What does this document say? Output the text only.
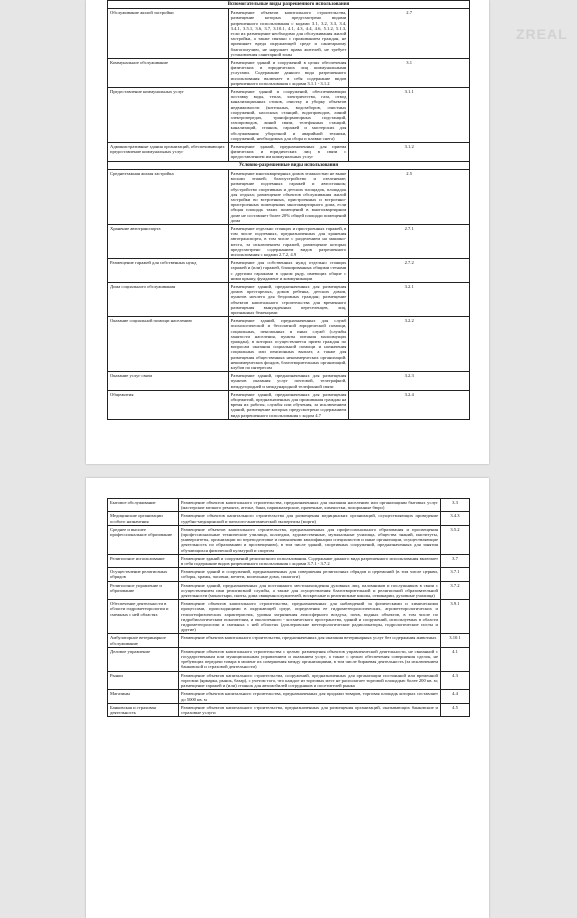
Вспомогательные виды разрешенного использования		
Обслуживание жилой застройки	Размещение объектов капитального строительства, размещение которых предусмотрено видами разрешенного использования с кодами 3.1, 3.2, 3.3, 3.4, 3.4.1, 3.5.1, 3.6, 3.7, 3.10.1, 4.1, 4.3, 4.4, 4.6, 5.1.2, 5.1.3, если их размещение необходимо для обслуживания жилой застройки, а также связано с проживанием граждан, не причиняет вреда окружающей среде и санитарному благополучию, не нарушает права жителей, не требует установления санитарной зоны	2.7
Коммунальное обслуживание	Размещение зданий и сооружений в целях обеспечения физических и юридических лиц коммунальными услугами. Содержание данного вида разрешенного использования включает в себя содержание видов разрешенного использования с кодами 3.1.1 - 3.1.2	3.1
Предоставление коммунальных услуг	Размещение зданий и сооружений, обеспечивающих поставку воды, тепла, электричества, газа, отвод канализационных стоков, очистку и уборку объектов недвижимости (котельных, водозаборов, очистных сооружений, насосных станций, водопроводов, линий электропередач, трансформаторных подстанций, газопроводов, линий связи, телефонных станций, канализаций, стоянок, гаражей и мастерских для обслуживания уборочной и аварийной техники, сооружений, необходимых для сбора и плавки снега)	3.1.1
Административные здания организаций, обеспечивающих предоставление коммунальных услуг	Размещение зданий, предназначенных для приема физических и юридических лиц в связи с предоставлением им коммунальных услуг	3.1.2
Условно-разрешенные виды использования		
Среднеэтажная жилая застройка	Размещение многоквартирных домов этажностью не выше восьми этажей; благоустройство и озеленение; размещение подземных гаражей и автостоянок; обустройство спортивных и детских площадок, площадок для отдыха; размещение объектов обслуживания жилой застройки во встроенных, пристроенных и встроенно-пристроенных помещениях многоквартирного дома, если общая площадь таких помещений в многоквартирном доме не составляет более 20% общей площади помещений дома	2.5
Хранение автотранспорта	Размещение отдельно стоящих и пристроенных гаражей, в том числе подземных, предназначенных для хранения автотранспорта, в том числе с разделением на машино-места, за исключением гаражей, размещение которых предусмотрено содержанием видов разрешенного использования с кодами 2.7.2, 4.9	2.7.1
Размещение гаражей для собственных нужд	Размещение для собственных нужд отдельно стоящих гаражей и (или) гаражей, блокированных общими стенами с другими гаражами в одном ряду, имеющих общие с ними крышу, фундамент и коммуникации	2.7.2
Дома социального обслуживания	Размещение зданий, предназначенных для размещения домов престарелых, домов ребенка, детских домов, пунктов ночлега для бездомных граждан; размещение объектов капитального строительства для временного размещения вынужденных переселенцев, лиц, признанных беженцами	3.2.1
Оказание социальной помощи населению	Размещение зданий, предназначенных для служб психологической и бесплатной юридической помощи, социальных, пенсионных и иных служб (службы занятости населения, пункты питания малоимущих граждан), в которых осуществляется прием граждан по вопросам оказания социальной помощи и назначения социальных или пенсионных выплат, а также для размещения общественных некоммерческих организаций: некоммерческих фондов, благотворительных организаций, клубов по интересам	3.2.2
Оказание услуг связи	Размещение зданий, предназначенных для размещения пунктов оказания услуг почтовой, телеграфной, междугородней и международной телефонной связи	3.2.3
Общежития	Размещение зданий, предназначенных для размещения общежитий, предназначенных для проживания граждан на время их работы, службы или обучения, за исключением зданий, размещение которых предусмотрено содержанием вида разрешенного использования с кодом 4.7	3.2.4
ZREAL
Бытовое обслуживание	Размещение объектов капитального строительства, предназначенных для оказания населению или организациям бытовых услуг (мастерские мелкого ремонта, ателье, бани, парикмахерские, прачечные, химчистки, похоронные бюро)	3.3
Медицинские организации особого назначения	Размещение объектов капитального строительства для размещения медицинских организаций, осуществляющих проведение судебно-медицинской и патолого-анатомической экспертизы (морги)	3.4.3
Среднее и высшее профессиональное образование	Размещение объектов капитального строительства, предназначенных для профессионального образования и просвещения (профессиональные технические училища, колледжи, художественные, музыкальные училища, общества знаний, институты, университеты, организации по переподготовке и повышению квалификации специалистов и иные организации, осуществляющие деятельность по образованию и просвещению), в том числе зданий, спортивных сооружений, предназначенных для занятия обучающихся физической культурой и спортом	3.5.2
Религиозное использование	Размещение зданий и сооружений религиозного использования. Содержание данного вида разрешенного использования включает в себя содержание видов разрешенного использования с кодами 3.7.1 - 3.7.2	3.7
Осуществление религиозных обрядов	Размещение зданий и сооружений, предназначенных для совершения религиозных обрядов и церемоний (в том числе церкви, соборы, храмы, часовни, мечети, молельные дома, синагоги)	3.7.1
Религиозное управление и образование	Размещение зданий, предназначенных для постоянного местонахождения духовных лиц, паломников и послушников в связи с осуществлением ими религиозной службы, а также для осуществления благотворительной и религиозной образовательной деятельности (монастыри, скиты, дома священнослужителей, воскресные и религиозные школы, семинарии, духовные училища)	3.7.2
Обеспечение деятельности в области гидрометеорологии и смежных с ней областях	Размещение объектов капитального строительства, предназначенных для наблюдений за физическими и химическими процессами, происходящими в окружающей среде, определения ее гидрометеорологических, агрометеорологических и гелиогеофизических характеристик, уровня загрязнения атмосферного воздуха, почв, водных объектов, в том числе по гидробиологическим показателям, и околоземного - космического пространства, зданий и сооружений, используемых в области гидрометеорологии и смежных с ней областях (доплеровские метеорологические радиолокаторы, гидрологические посты и другие)	3.9.1
Амбулаторное ветеринарное обслуживание	Размещение объектов капитального строительства, предназначенных для оказания ветеринарных услуг без содержания животных	3.10.1
Деловое управление	Размещение объектов капитального строительства с целью: размещения объектов управленческой деятельности, не связанной с государственным или муниципальным управлением и оказанием услуг, а также с целью обеспечения совершения сделок, не требующих передачи товара в момент их совершения между организациями, в том числе биржевая деятельность (за исключением банковской и страховой деятельности)	4.1
Рынки	Размещение объектов капитального строительства, сооружений, предназначенных для организации постоянной или временной торговли (ярмарка, рынок, базар), с учетом того, что каждое из торговых мест не располагает торговой площадью более 200 кв. м; размещение гаражей и (или) стоянок для автомобилей сотрудников и посетителей рынка	4.3
Магазины	Размещение объектов капитального строительства, предназначенных для продажи товаров, торговая площадь которых составляет до 5000 кв. м	4.4
Банковская и страховая деятельность	Размещение объектов капитального строительства, предназначенных для размещения организаций, оказывающих банковские и страховые услуги	4.5
